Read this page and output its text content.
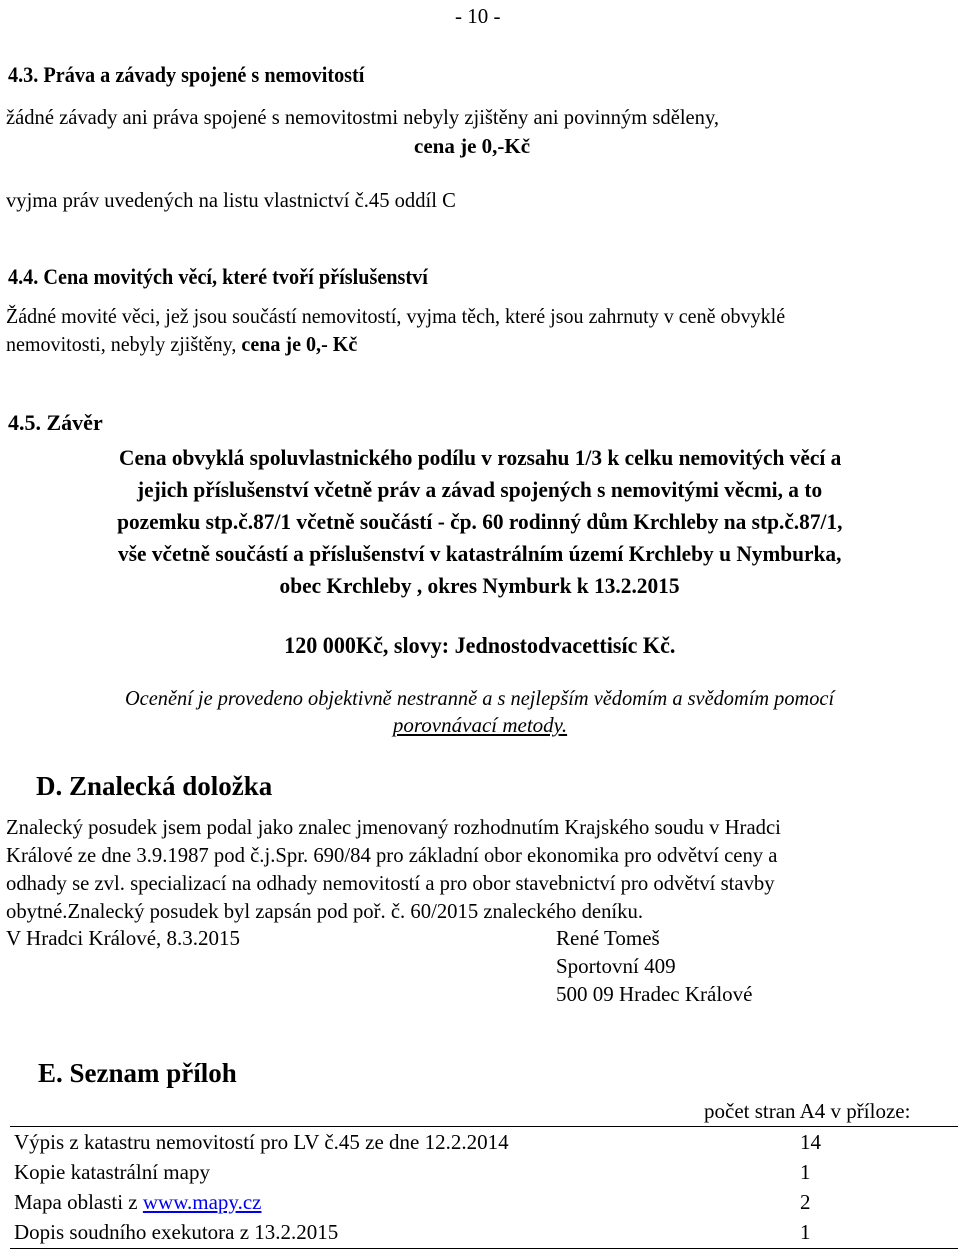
- 10 -
4.3. Práva a závady spojené s nemovitostí
žádné závady ani práva spojené s nemovitostmi nebyly zjištěny ani povinným sděleny,
cena je 0,-Kč
vyjma práv uvedených na listu vlastnictví č.45 oddíl C
4.4. Cena movitých věcí, které tvoří příslušenství
Žádné movité věci, jež jsou součástí nemovitostí, vyjma těch, které jsou zahrnuty v ceně obvyklé
nemovitosti, nebyly zjištěny, cena je 0,- Kč
4.5. Závěr
Cena obvyklá spoluvlastnického podílu v rozsahu 1/3 k celku nemovitých věcí a
jejich příslušenství včetně práv a závad spojených s nemovitými věcmi, a to
pozemku stp.č.87/1 včetně součástí - čp. 60 rodinný dům Krchleby na stp.č.87/1,
vše včetně součástí a příslušenství v katastrálním území Krchleby u Nymburka,
obec Krchleby , okres Nymburk k 13.2.2015
120 000Kč, slovy: Jednostodvacettisíc Kč.
Ocenění je provedeno objektivně nestranně a s nejlepším vědomím a svědomím pomocí
porovnávací metody.
D. Znalecká doložka
Znalecký posudek jsem podal jako znalec jmenovaný rozhodnutím Krajského soudu v Hradci
Králové ze dne 3.9.1987 pod č.j.Spr. 690/84 pro základní obor ekonomika pro odvětví ceny a
odhady se zvl. specializací na odhady nemovitostí a pro obor stavebnictví pro odvětví stavby
obytné.Znalecký posudek byl zapsán pod poř. č. 60/2015 znaleckého deníku.
V Hradci Králové, 8.3.2015	René Tomeš
Sportovní 409
500 09 Hradec Králové
E. Seznam příloh
počet stran A4 v příloze:
Výpis z katastru nemovitostí pro LV č.45 ze dne 12.2.2014	14
Kopie katastrální mapy	1
Mapa oblasti z www.mapy.cz	2
Dopis soudního exekutora z 13.2.2015	1
